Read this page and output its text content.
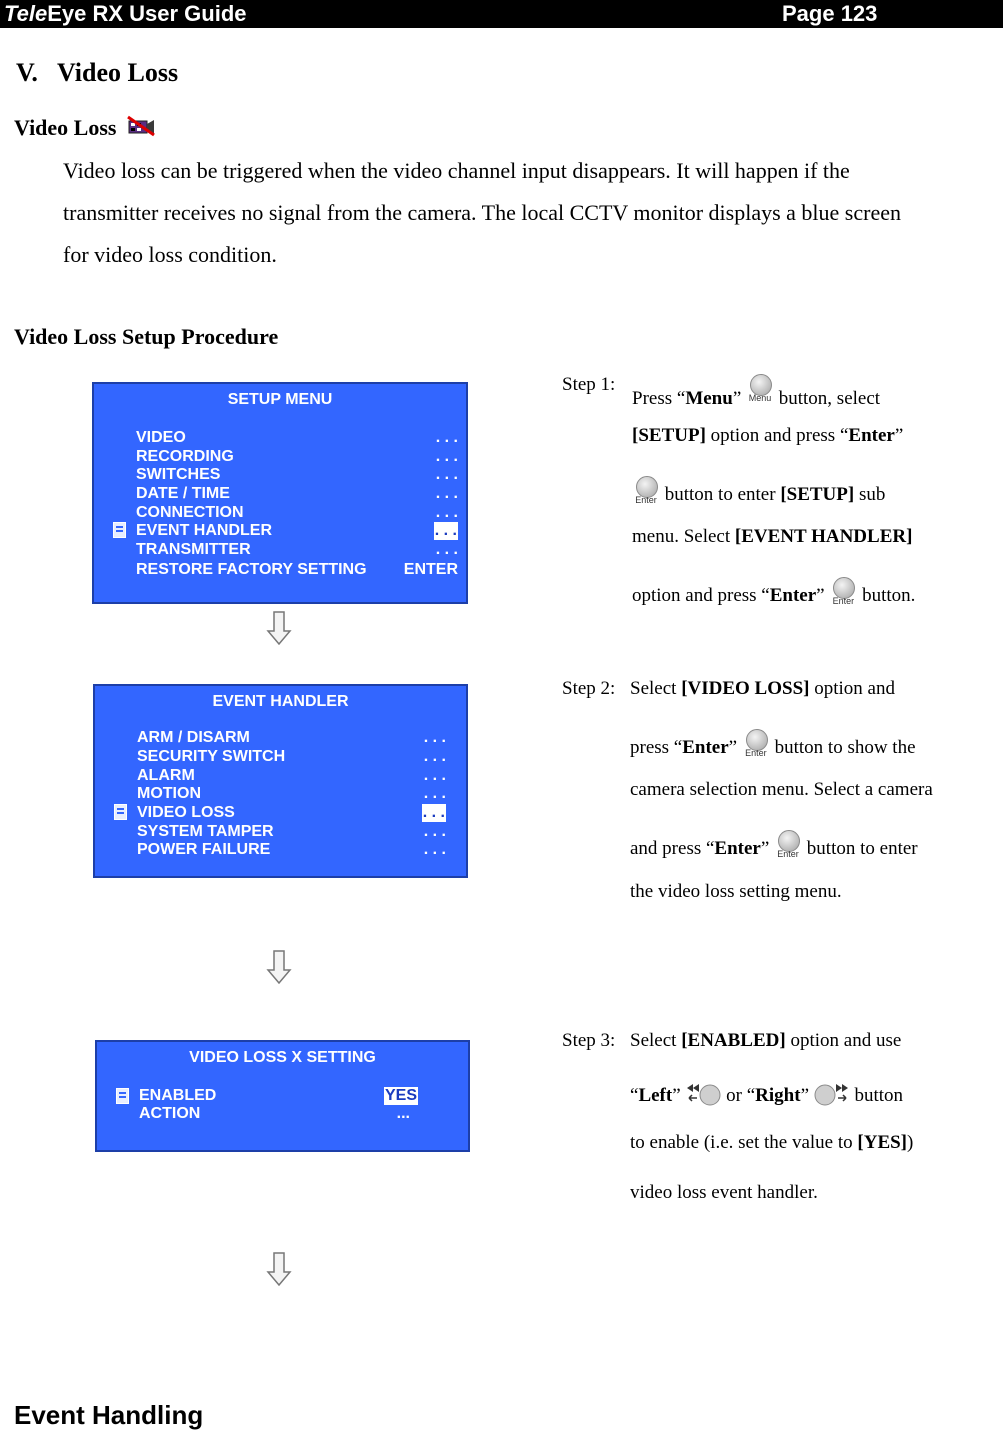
TeleEye RX User Guide	Page 123
V.   Video Loss
Video Loss
Video loss can be triggered when the video channel input disappears. It will happen if the
transmitter receives no signal from the camera. The local CCTV monitor displays a blue screen
for video loss condition.
Video Loss Setup Procedure
SETUP MENU
VIDEO	. . .
RECORDING	. . .
SWITCHES	. . .
DATE / TIME	. . .
CONNECTION	. . .
EVENT HANDLER	. . .
TRANSMITTER	. . .
RESTORE FACTORY SETTING ENTER
EVENT HANDLER
ARM / DISARM	. . .
SECURITY SWITCH	. . .
ALARM	. . .
MOTION	. . .
VIDEO LOSS	. . .
SYSTEM TAMPER	. . .
POWER FAILURE	. . .
VIDEO LOSS X SETTING
ENABLED	YES
ACTION	...
Step 1:
Press “Menu” Menu button, select
[SETUP] option and press “Enter”
Enter button to enter [SETUP] sub
menu. Select [EVENT HANDLER]
option and press “Enter” Enter button.
Step 2: Select [VIDEO LOSS] option and
press “Enter” Enter button to show the
camera selection menu. Select a camera
and press “Enter” Enter button to enter
the video loss setting menu.
Step 3: Select [ENABLED] option and use
“Left”  or “Right”  button
to enable (i.e. set the value to [YES])
video loss event handler.
Event Handling
